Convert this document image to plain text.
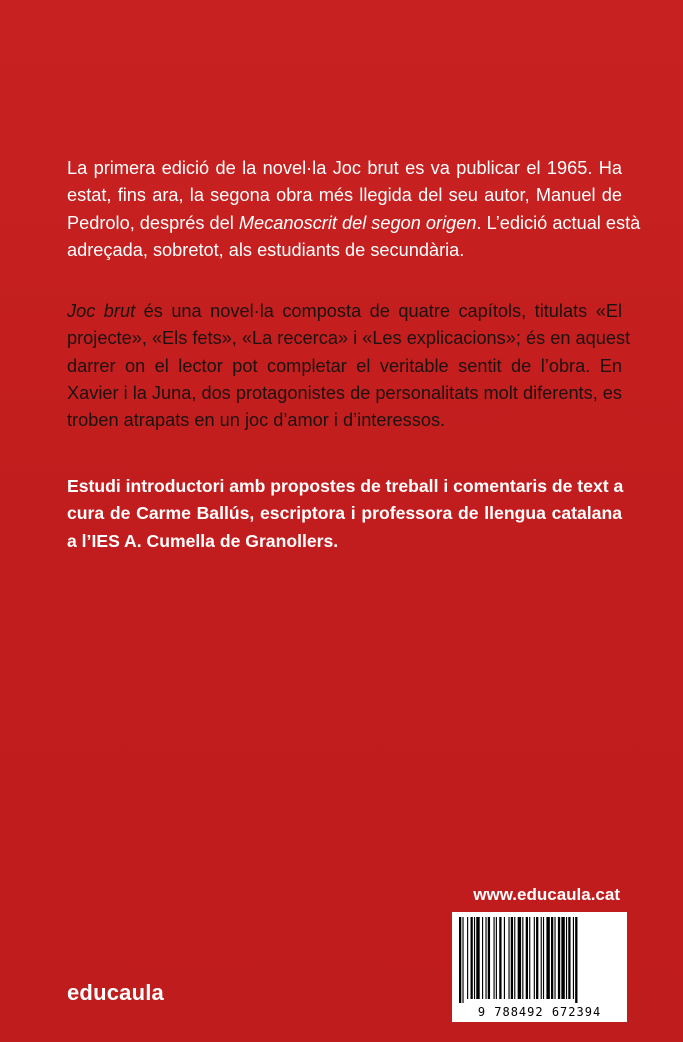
La primera edició de la novel·la Joc brut es va publicar el 1965. Ha
estat, fins ara, la segona obra més llegida del seu autor, Manuel de
Pedrolo, després del Mecanoscrit del segon origen. L’edició actual està
adreçada, sobretot, als estudiants de secundària.
Joc brut és una novel·la composta de quatre capítols, titulats «El
projecte», «Els fets», «La recerca» i «Les explicacions»; és en aquest
darrer on el lector pot completar el veritable sentit de l’obra. En
Xavier i la Juna, dos protagonistes de personalitats molt diferents, es
troben atrapats en un joc d’amor i d’interessos.
Estudi introductori amb propostes de treball i comentaris de text a
cura de Carme Ballús, escriptora i professora de llengua catalana
a l’IES A. Cumella de Granollers.
www.educaula.cat
9 788492 672394
educaula
